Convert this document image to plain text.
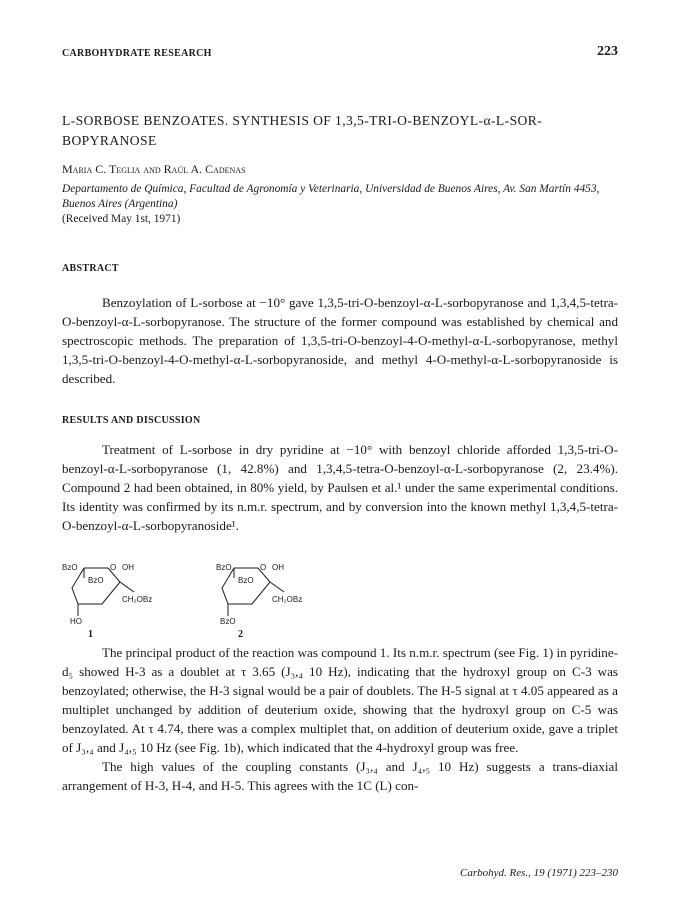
CARBOHYDRATE RESEARCH	223
L-SORBOSE BENZOATES. SYNTHESIS OF 1,3,5-TRI-O-BENZOYL-α-L-SOR-BOPYRANOSE
Maria C. Teglia and Raúl A. Cadenas
Departamento de Química, Facultad de Agronomía y Veterinaria, Universidad de Buenos Aires, Av. San Martín 4453, Buenos Aires (Argentina)
(Received May 1st, 1971)
ABSTRACT

Benzoylation of L-sorbose at −10° gave 1,3,5-tri-O-benzoyl-α-L-sorbopyranose and 1,3,4,5-tetra-O-benzoyl-α-L-sorbopyranose. The structure of the former compound was established by chemical and spectroscopic methods. The preparation of 1,3,5-tri-O-benzoyl-4-O-methyl-α-L-sorbopyranose, methyl 1,3,5-tri-O-benzoyl-4-O-methyl-α-L-sorbopyranoside, and methyl 4-O-methyl-α-L-sorbopyranoside is described.

RESULTS AND DISCUSSION

Treatment of L-sorbose in dry pyridine at −10° with benzoyl chloride afforded 1,3,5-tri-O-benzoyl-α-L-sorbopyranose (1, 42.8%) and 1,3,4,5-tetra-O-benzoyl-α-L-sorbopyranose (2, 23.4%). Compound 2 had been obtained, in 80% yield, by Paulsen et al.¹ under the same experimental conditions. Its identity was confirmed by its n.m.r. spectrum, and by conversion into the known methyl 1,3,4,5-tetra-O-benzoyl-α-L-sorbopyranoside¹.

BzO	O OH
BzO
CH₂OBz
HO
1
BzO	O OH
BzO
CH₂OBz
BzO
2

The principal product of the reaction was compound 1. Its n.m.r. spectrum (see Fig. 1) in pyridine-d₅ showed H-3 as a doublet at τ 3.65 (J₃,₄ 10 Hz), indicating that the hydroxyl group on C-3 was benzoylated; otherwise, the H-3 signal would be a pair of doublets. The H-5 signal at τ 4.05 appeared as a multiplet unchanged by addition of deuterium oxide, showing that the hydroxyl group on C-5 was benzoylated. At τ 4.74, there was a complex multiplet that, on addition of deuterium oxide, gave a triplet of J₃,₄ and J₄,₅ 10 Hz (see Fig. 1b), which indicated that the 4-hydroxyl group was free.

The high values of the coupling constants (J₃,₄ and J₄,₅ 10 Hz) suggests a trans-diaxial arrangement of H-3, H-4, and H-5. This agrees with the 1C (L) con-

Carbohyd. Res., 19 (1971) 223–230
